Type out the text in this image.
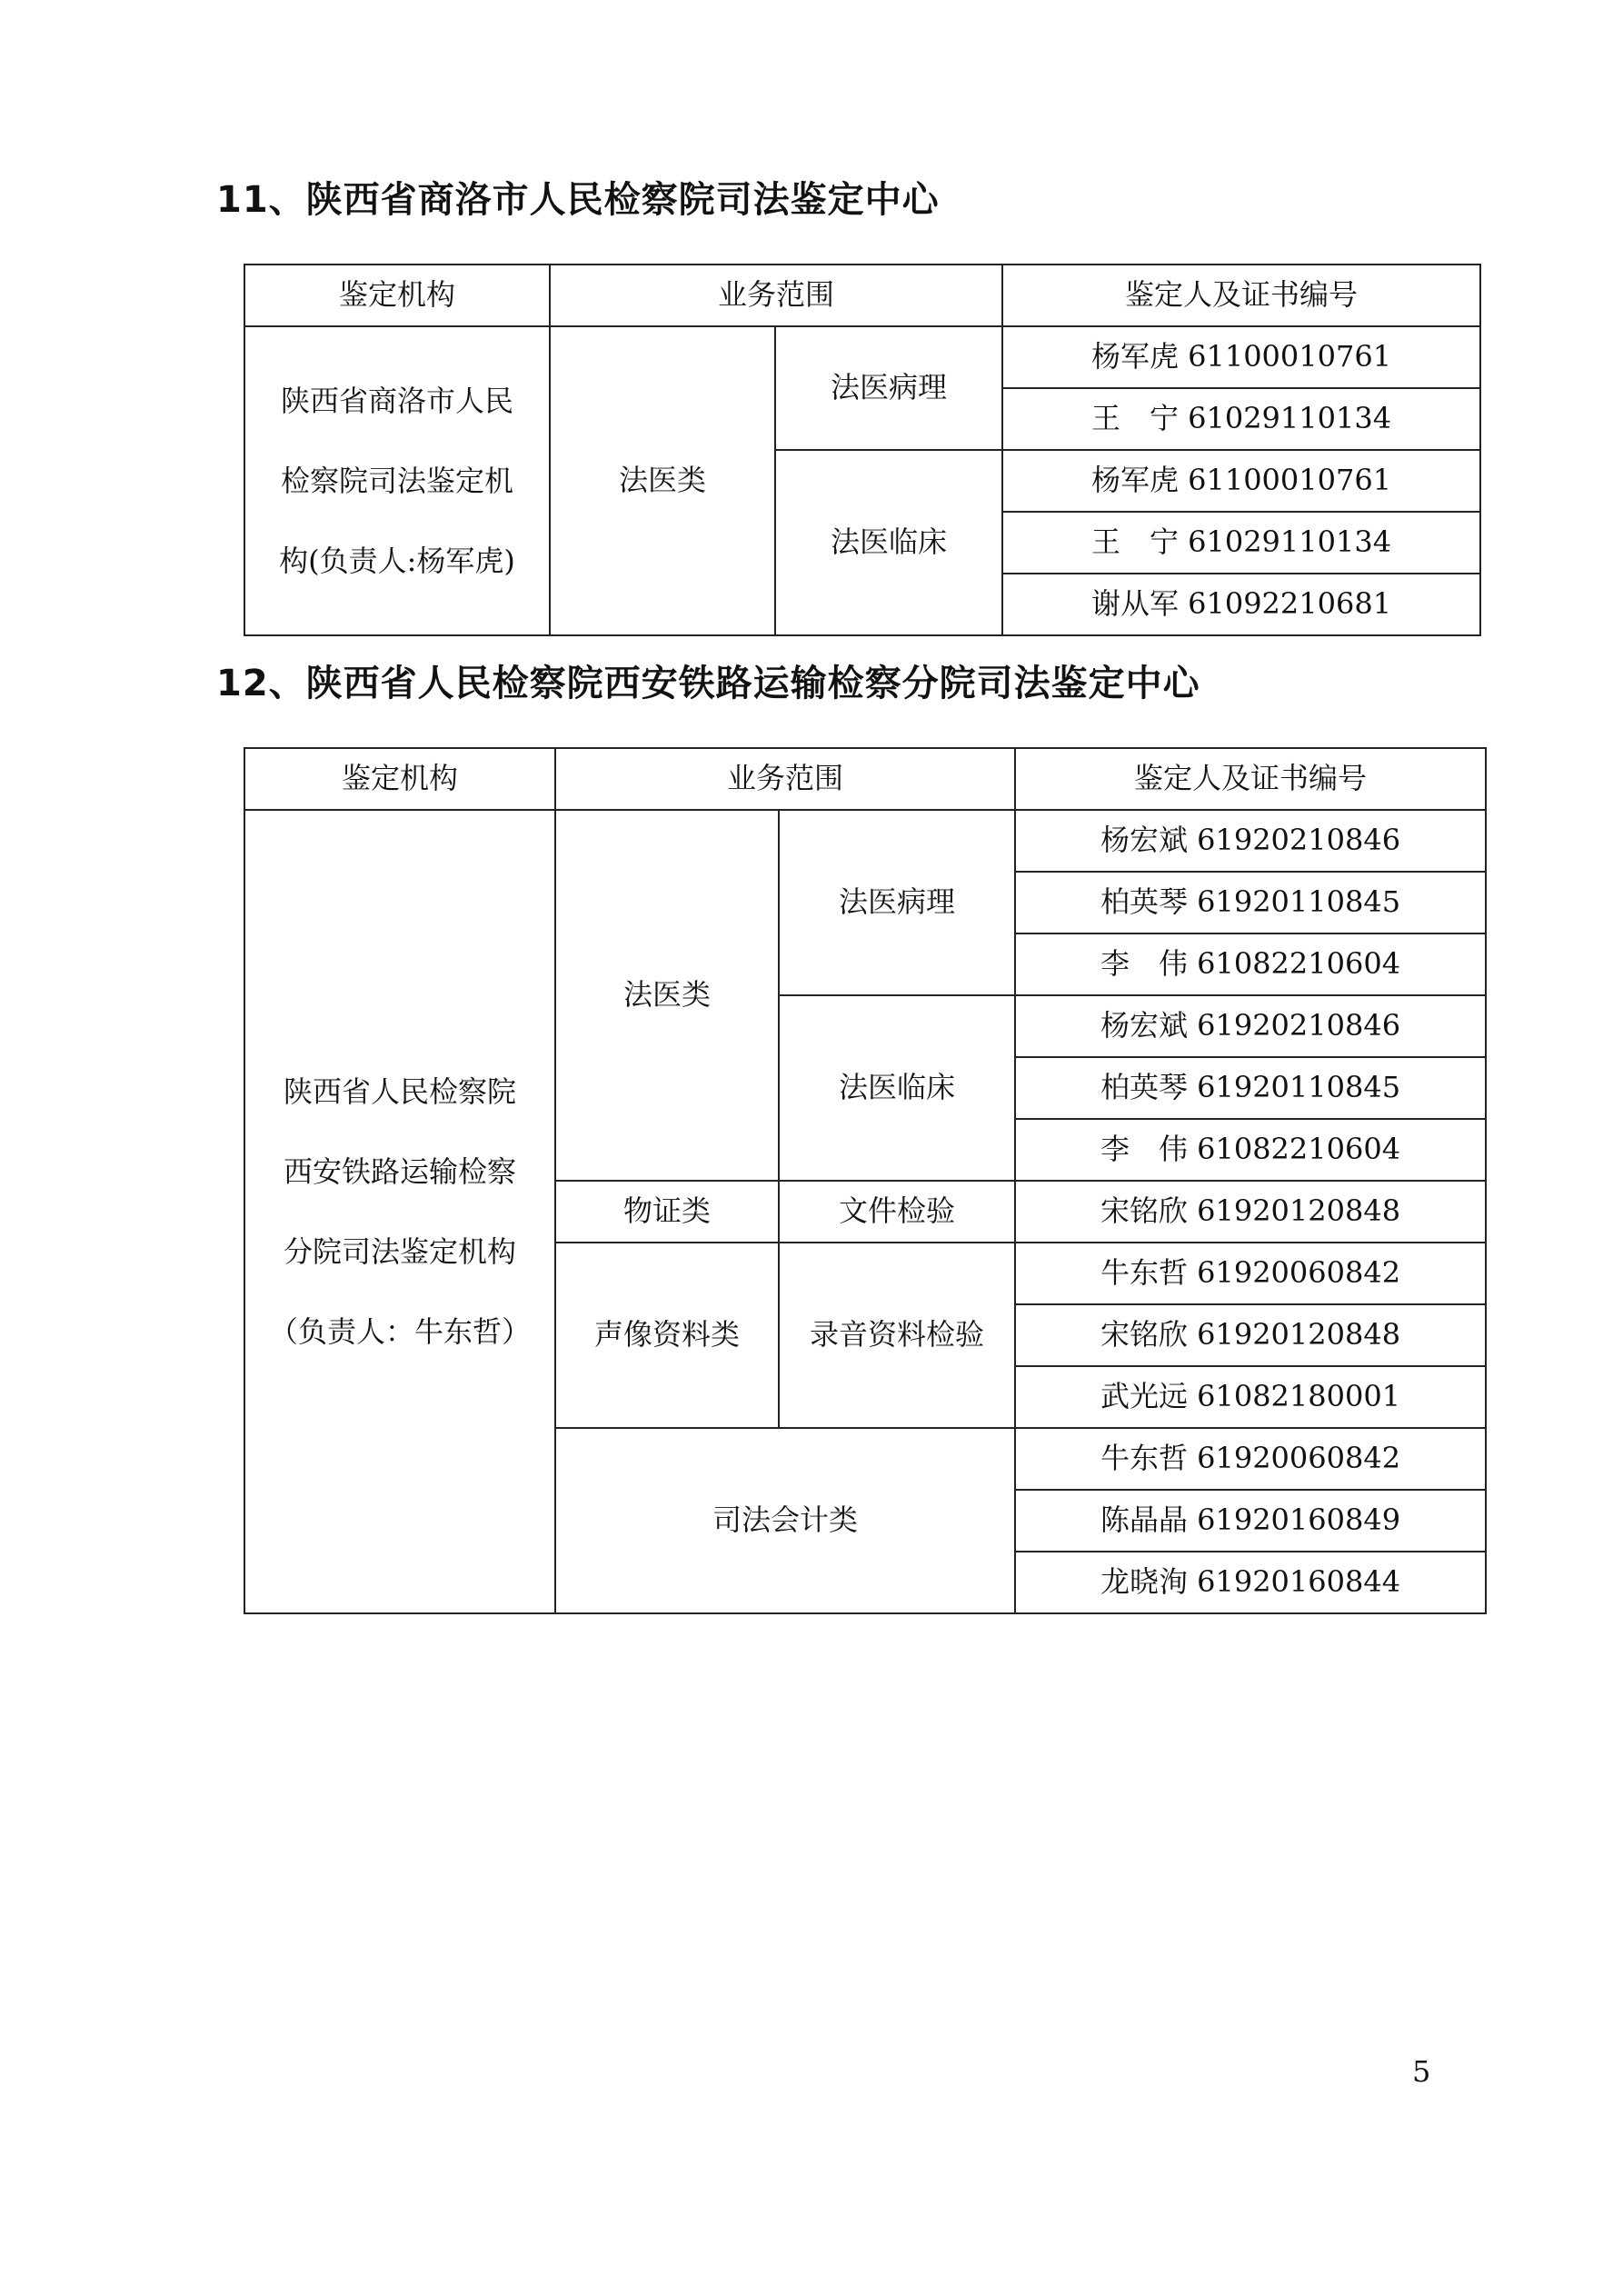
11、陕西省商洛市人民检察院司法鉴定中心
鉴定机构	业务范围		鉴定人及证书编号

陕西省商洛市人民
检察院司法鉴定机
构(负责人:杨军虎)	法医类	法医病理	杨军虎 61100010761
			王　宁 61029110134
		法医临床	杨军虎 61100010761
			王　宁 61029110134
			谢从军 61092210681
12、陕西省人民检察院西安铁路运输检察分院司法鉴定中心
鉴定机构	业务范围		鉴定人及证书编号

陕西省人民检察院
西安铁路运输检察
分院司法鉴定机构
（负责人：牛东哲）	法医类	法医病理	杨宏斌 61920210846
			柏英琴 61920110845
			李　伟 61082210604
		法医临床	杨宏斌 61920210846
			柏英琴 61920110845
			李　伟 61082210604
	物证类	文件检验	宋铭欣 61920120848
	声像资料类	录音资料检验	牛东哲 61920060842
			宋铭欣 61920120848
			武光远 61082180001
	司法会计类		牛东哲 61920060842
			陈晶晶 61920160849
			龙晓洵 61920160844
5
